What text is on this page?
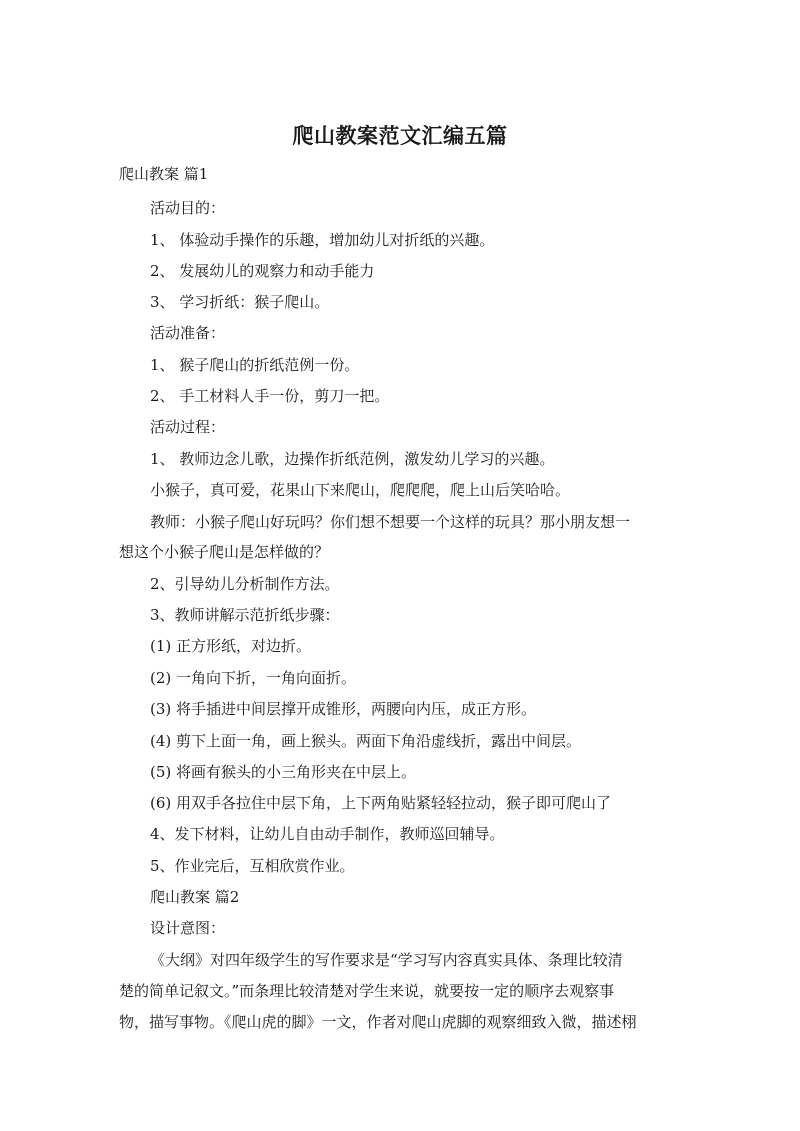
爬山教案范文汇编五篇
爬山教案 篇1
活动目的：
1、 体验动手操作的乐趣，增加幼儿对折纸的兴趣。
2、 发展幼儿的观察力和动手能力
3、 学习折纸：猴子爬山。
活动准备：
1、 猴子爬山的折纸范例一份。
2、 手工材料人手一份，剪刀一把。
活动过程：
1、 教师边念儿歌，边操作折纸范例，激发幼儿学习的兴趣。
小猴子，真可爱，花果山下来爬山，爬爬爬，爬上山后笑哈哈。
教师：小猴子爬山好玩吗？你们想不想要一个这样的玩具？那小朋友想一
想这个小猴子爬山是怎样做的？
2、引导幼儿分析制作方法。
3、教师讲解示范折纸步骤：
(1) 正方形纸，对边折。
(2) 一角向下折，一角向面折。
(3) 将手插进中间层撑开成锥形，两腰向内压，成正方形。
(4) 剪下上面一角，画上猴头。两面下角沿虚线折，露出中间层。
(5) 将画有猴头的小三角形夹在中层上。
(6) 用双手各拉住中层下角，上下两角贴紧轻轻拉动，猴子即可爬山了
4、发下材料，让幼儿自由动手制作，教师巡回辅导。
5、作业完后，互相欣赏作业。
爬山教案 篇2
设计意图：
《大纲》对四年级学生的写作要求是“学习写内容真实具体、条理比较清
楚的简单记叙文。”而条理比较清楚对学生来说，就要按一定的顺序去观察事
物，描写事物。《爬山虎的脚》一文，作者对爬山虎脚的观察细致入微，描述栩
